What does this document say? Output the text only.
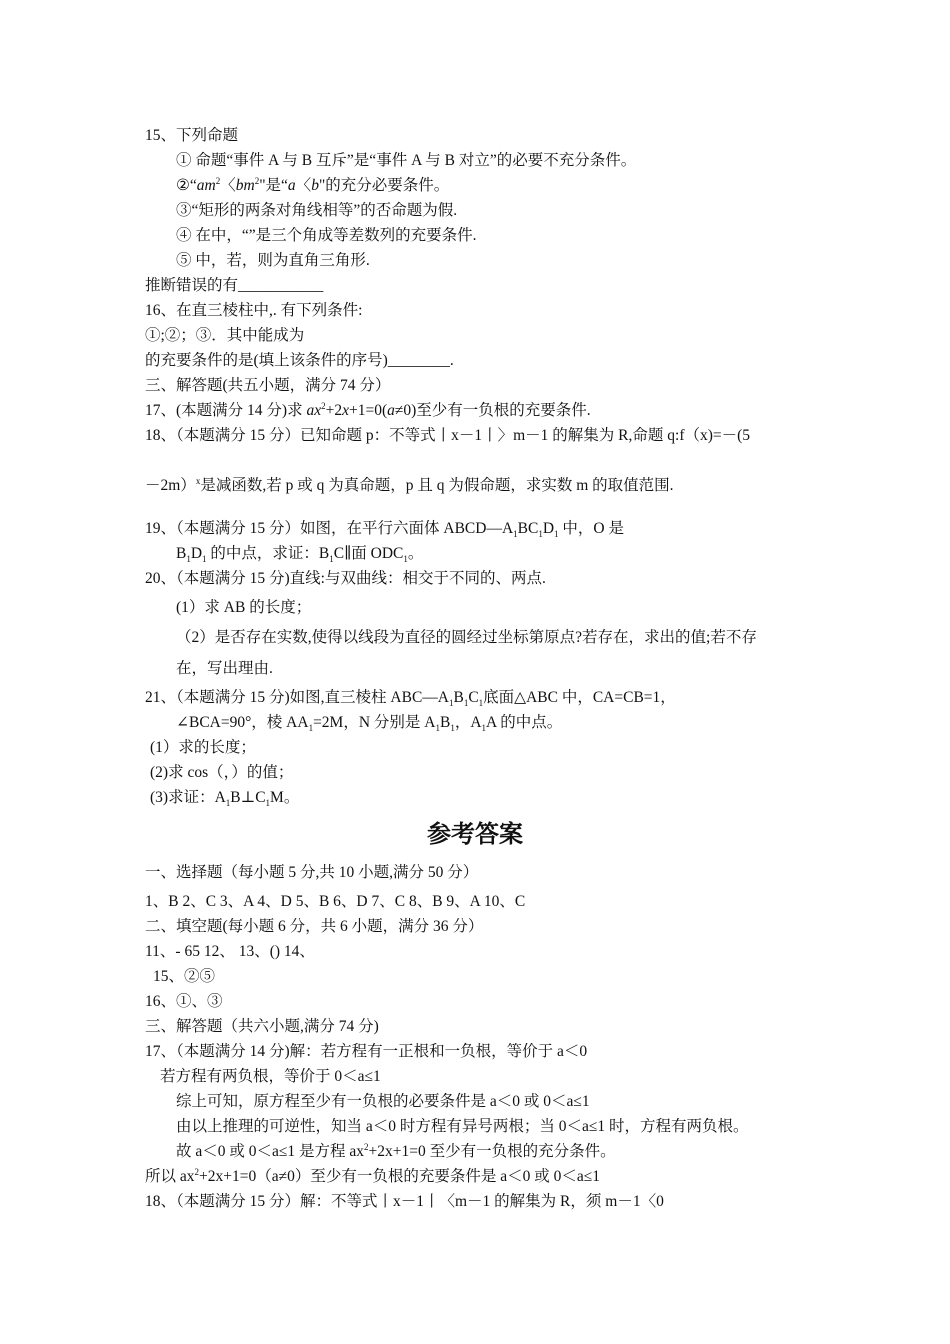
15、下列命题
① 命题“事件 A 与 B 互斥”是“事件 A 与 B 对立”的必要不充分条件。
$②“am^2$〈$bm^2$"是“a〈b"的充分必要条件。
③“矩形的两条对角线相等”的否命题为假.
④ 在中，“”是三个角成等差数列的充要条件.
⑤ 中，若，则为直角三角形.
推断错误的有___________
16、在直三棱柱中,. 有下列条件:
①;②；③．其中能成为
的充要条件的是(填上该条件的序号)________.
三、解答题(共五小题，满分 74 分）
17、(本题满分 14 分)求 $ax^2+2x+1=0(a\ne 0)$至少有一负根的充要条件.
18、（本题满分 15 分）已知命题 p：不等式丨x－1丨〉m－1 的解集为 R,命题 q:f（x)=－(5
－2m）$^x$是减函数,若 p 或 q 为真命题，p 且 q 为假命题，求实数 m 的取值范围.
19、（本题满分 15 分）如图，在平行六面体 $ABCD—A_1BC_1D_1$ 中，O 是
$B_1D_1$ 的中点，求证：$B_1C\parallel$面 $ODC_1$。
20、（本题满分 15 分)直线:与双曲线：相交于不同的、两点.
(1）求 AB 的长度；
（2）是否存在实数,使得以线段为直径的圆经过坐标第原点?若存在，求出的值;若不存
在，写出理由.
21、（本题满分 15 分)如图,直三棱柱 $ABC—A_1B_1C_1$底面△ABC 中，CA=CB=1，
∠BCA=90°，棱 $AA_1=2M$，N 分别是 $A_1B_1$，$A_1A$ 的中点。
(1）求的长度；
(2)求 cos（，）的值；
(3)求证：$A_1B\perp C_1M$。
参考答案
一、选择题（每小题 5 分,共 10 小题,满分 50 分）
1、B 2、C 3、A 4、D 5、B 6、D 7、C 8、B 9、A 10、C
二、填空题(每小题 6 分，共 6 小题，满分 36 分）
11、- 65 12、 13、() 14、
15、②⑤
16、①、③
三、解答题（共六小题,满分 74 分)
17、（本题满分 14 分)解：若方程有一正根和一负根，等价于 a＜0
若方程有两负根，等价于 0＜a≤1
综上可知，原方程至少有一负根的必要条件是 a＜0 或 0＜a≤1
由以上推理的可逆性，知当 a＜0 时方程有异号两根；当 0＜a≤1 时，方程有两负根。
故 a＜0 或 0＜a≤1 是方程 $ax^2+2x+1=0$ 至少有一负根的充分条件。
所以 $ax^2+2x+1=0(a\ne 0)$至少有一负根的充要条件是 a＜0 或 0＜a≤1
18、（本题满分 15 分）解：不等式丨x－1丨〈m－1 的解集为 R，须 m－1〈0
